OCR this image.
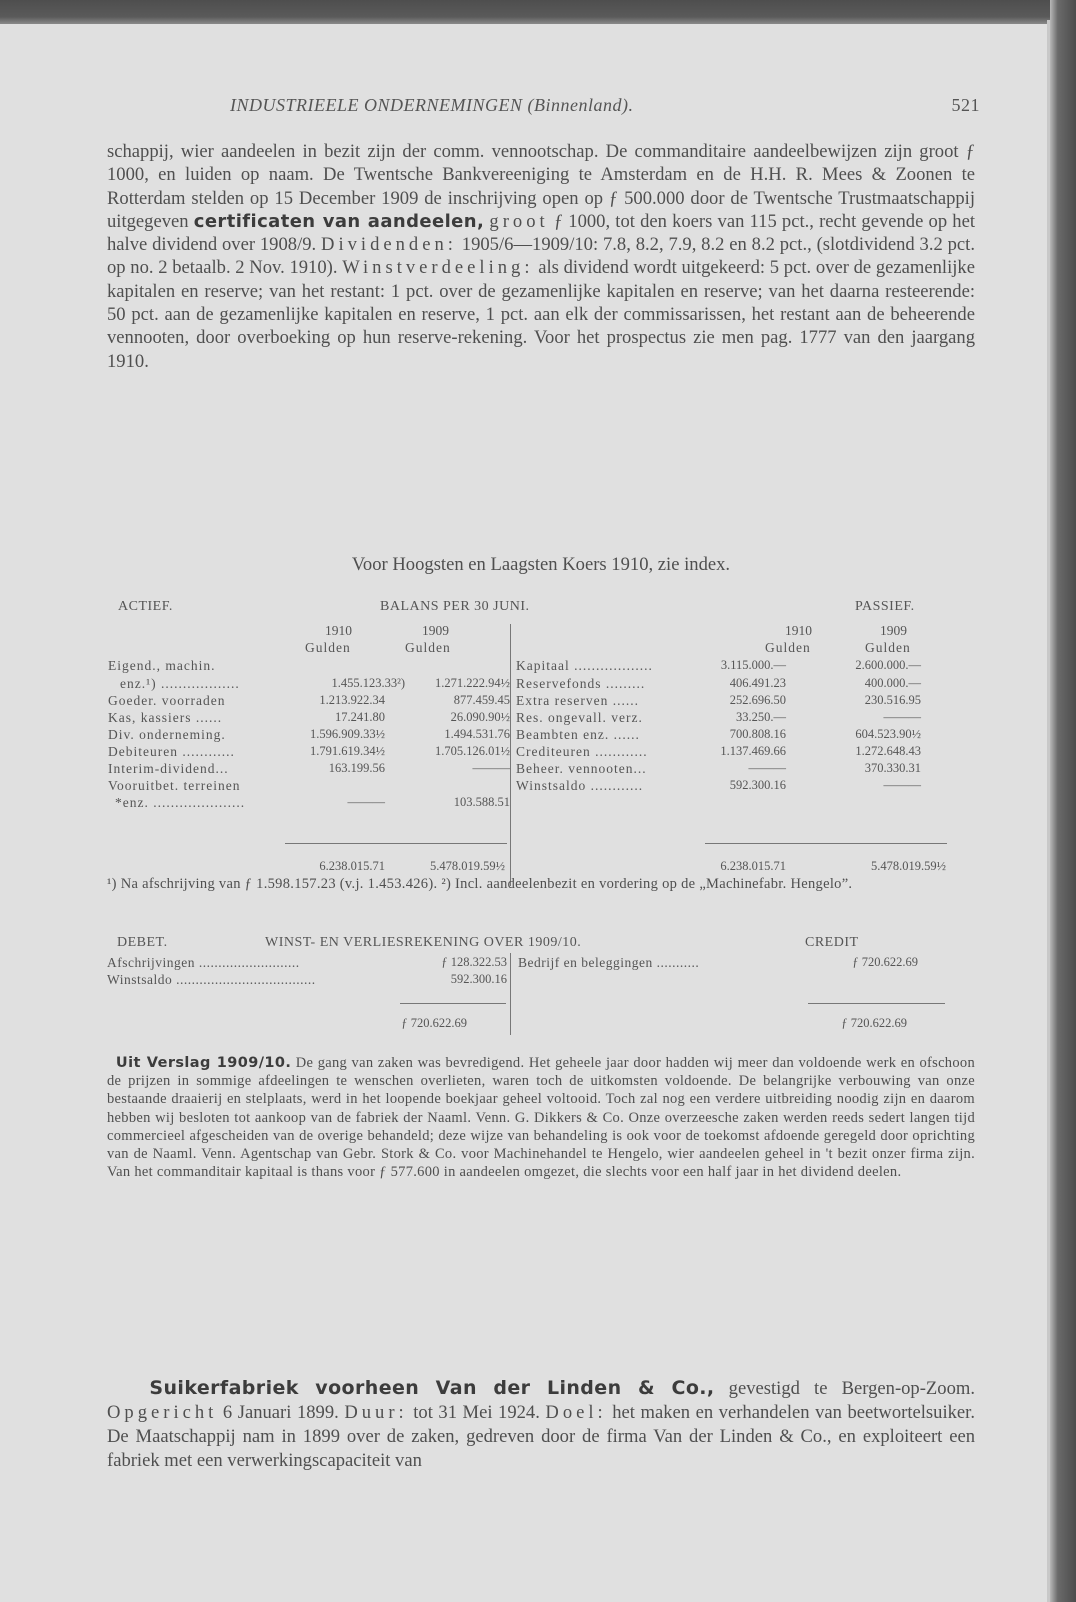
INDUSTRIEELE ONDERNEMINGEN (Binnenland).	521
schappij, wier aandeelen in bezit zijn der comm. vennootschap. De commanditaire aandeelbewijzen zijn groot ƒ 1000, en luiden op naam. De Twentsche Bankvereeniging te Amsterdam en de H.H. R. Mees & Zoonen te Rotterdam stelden op 15 December 1909 de inschrijving open op ƒ 500.000 door de Twentsche Trustmaatschappij uitgegeven certificaten van aandeelen, groot ƒ 1000, tot den koers van 115 pct., recht gevende op het halve dividend over 1908/9. Dividenden: 1905/6—1909/10: 7.8, 8.2, 7.9, 8.2 en 8.2 pct., (slotdividend 3.2 pct. op no. 2 betaalb. 2 Nov. 1910). Winstverdeeling: als dividend wordt uitgekeerd: 5 pct. over de gezamenlijke kapitalen en reserve; van het restant: 1 pct. over de gezamenlijke kapitalen en reserve; van het daarna resteerende: 50 pct. aan de gezamenlijke kapitalen en reserve, 1 pct. aan elk der commissarissen, het restant aan de beheerende vennooten, door overboeking op hun reserve-rekening. Voor het prospectus zie men pag. 1777 van den jaargang 1910.
Voor Hoogsten en Laagsten Koers 1910, zie index.
ACTIEF.	BALANS PER 30 JUNI.	PASSIEF.
1910	1909
Gulden	Gulden
1910	1909
Gulden	Gulden
Eigend., machin.
enz.¹) ..................	1.455.123.33²)	1.271.222.94½
Goeder. voorraden	1.213.922.34	877.459.45
Kas, kassiers ......	17.241.80	26.090.90½
Div. onderneming.	1.596.909.33½	1.494.531.76
Debiteuren ............	1.791.619.34½	1.705.126.01½
Interim-dividend...	163.199.56	———
Vooruitbet. terreinen
*enz. .....................	———	103.588.51
Kapitaal ..................	3.115.000.—	2.600.000.—
Reservefonds .........	406.491.23	400.000.—
Extra reserven ......	252.696.50	230.516.95
Res. ongevall. verz.	33.250.—	———
Beambten enz. ......	700.808.16	604.523.90½
Crediteuren ............	1.137.469.66	1.272.648.43
Beheer. vennooten...	———	370.330.31
Winstsaldo ............	592.300.16	———
6.238.015.71	5.478.019.59½	6.238.015.71	5.478.019.59½
¹) Na afschrijving van ƒ 1.598.157.23 (v.j. 1.453.426). ²) Incl. aandeelenbezit en vordering op de „Machinefabr. Hengelo”.
DEBET.	WINST- EN VERLIESREKENING OVER 1909/10.	CREDIT
Afschrijvingen ..........................	ƒ 128.322.53
Winstsaldo ....................................	592.300.16
Bedrijf en beleggingen ...........	ƒ 720.622.69
ƒ 720.622.69	ƒ 720.622.69
Uit Verslag 1909/10. De gang van zaken was bevredigend. Het geheele jaar door hadden wij meer dan voldoende werk en ofschoon de prijzen in sommige afdeelingen te wenschen overlieten, waren toch de uitkomsten voldoende. De belangrijke verbouwing van onze bestaande draaierij en stelplaats, werd in het loopende boekjaar geheel voltooid. Toch zal nog een verdere uitbreiding noodig zijn en daarom hebben wij besloten tot aankoop van de fabriek der Naaml. Venn. G. Dikkers & Co. Onze overzeesche zaken werden reeds sedert langen tijd commercieel afgescheiden van de overige behandeld; deze wijze van behandeling is ook voor de toekomst afdoende geregeld door oprichting van de Naaml. Venn. Agentschap van Gebr. Stork & Co. voor Machinehandel te Hengelo, wier aandeelen geheel in 't bezit onzer firma zijn. Van het commanditair kapitaal is thans voor ƒ 577.600 in aandeelen omgezet, die slechts voor een half jaar in het dividend deelen.
Suikerfabriek voorheen Van der Linden & Co., gevestigd te Bergen-op-Zoom. Opgericht 6 Januari 1899. Duur: tot 31 Mei 1924. Doel: het maken en verhandelen van beetwortelsuiker. De Maatschappij nam in 1899 over de zaken, gedreven door de firma Van der Linden & Co., en exploiteert een fabriek met een verwerkingscapaciteit van
